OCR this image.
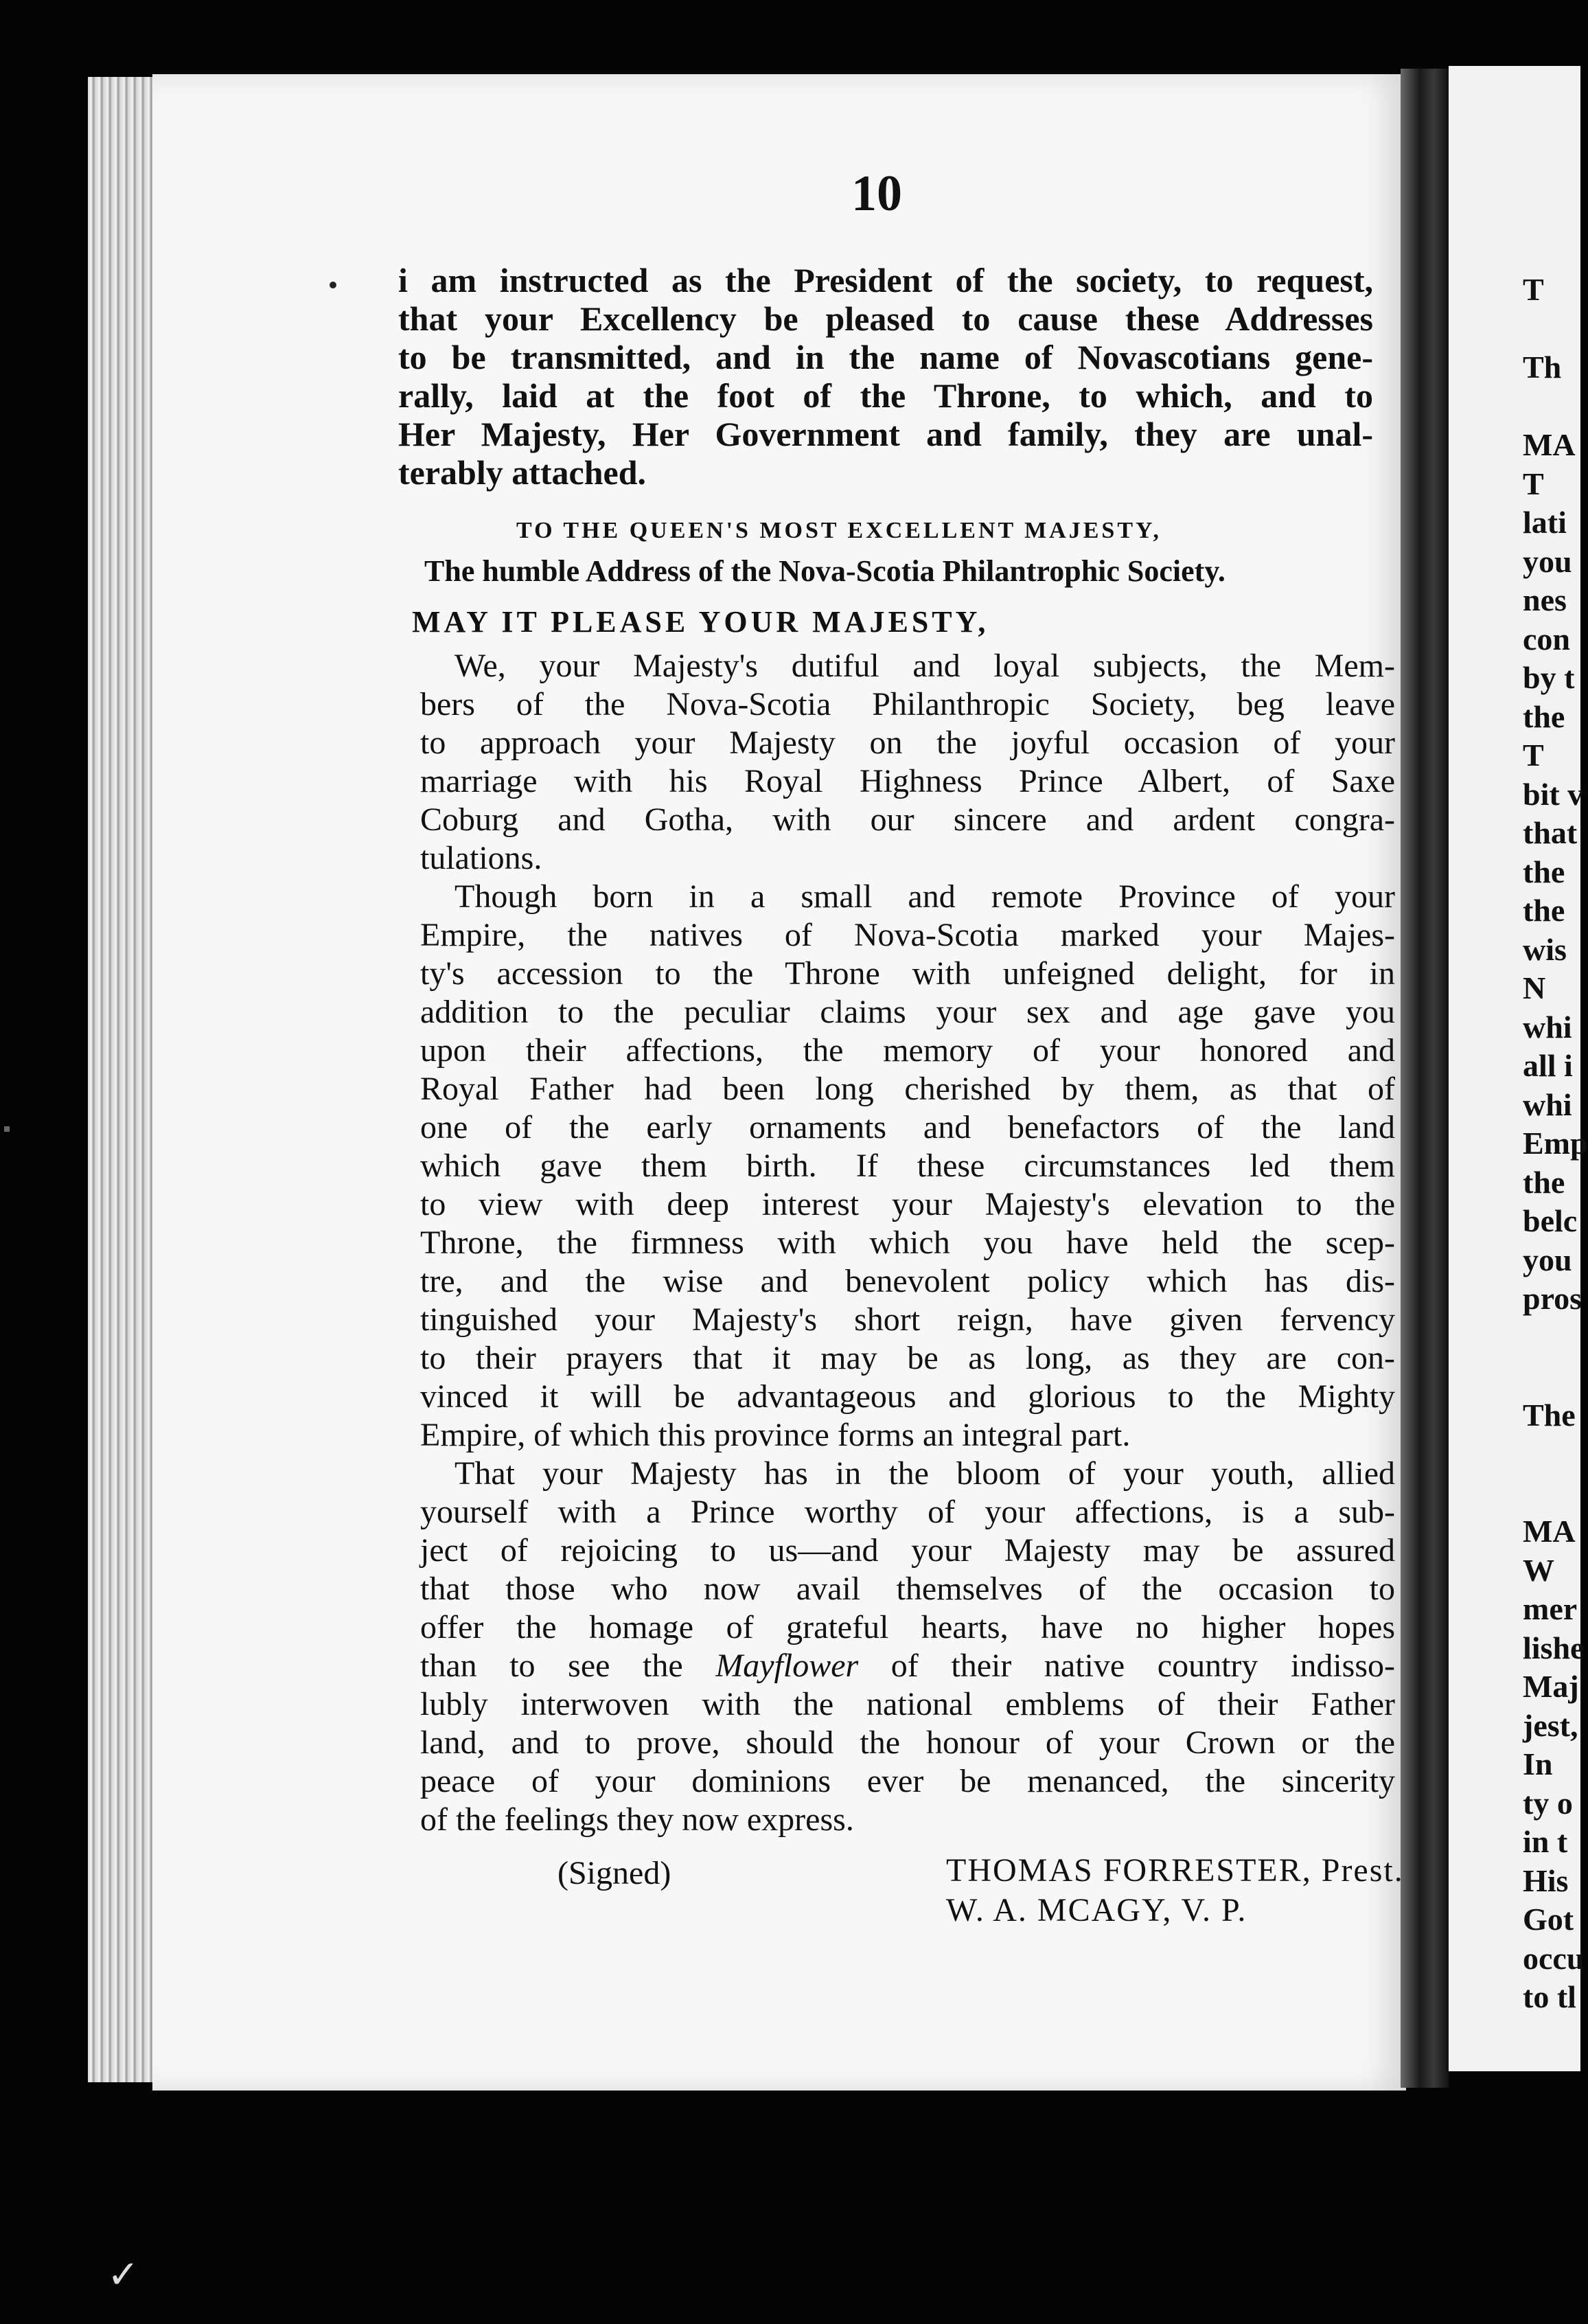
T

Th

MA
T
lati
you
nes
con
by t
the
T
bit v
that
the
the
wis
N
whi
all i
whi
Emp
the
belc
you
pros

The

MA
W
mer
lishe
Maj
jest,
In
ty o
in t
His
Got
occu
to tl
10
i am instructed as the President of the society, to request,
that your Excellency be pleased to cause these Addresses
to be transmitted, and in the name of Novascotians gene-
rally, laid at the foot of the Throne, to which, and to
Her Majesty, Her Government and family, they are unal-
terably attached.
TO THE QUEEN'S MOST EXCELLENT MAJESTY,
The humble Address of the Nova-Scotia Philantrophic Society.
MAY IT PLEASE YOUR MAJESTY,
We, your Majesty's dutiful and loyal subjects, the Mem-
bers of the Nova-Scotia Philanthropic Society, beg leave
to approach your Majesty on the joyful occasion of your
marriage with his Royal Highness Prince Albert, of Saxe
Coburg and Gotha, with our sincere and ardent congra-
tulations.
Though born in a small and remote Province of your
Empire, the natives of Nova-Scotia marked your Majes-
ty's accession to the Throne with unfeigned delight, for in
addition to the peculiar claims your sex and age gave you
upon their affections, the memory of your honored and
Royal Father had been long cherished by them, as that of
one of the early ornaments and benefactors of the land
which gave them birth. If these circumstances led them
to view with deep interest your Majesty's elevation to the
Throne, the firmness with which you have held the scep-
tre, and the wise and benevolent policy which has dis-
tinguished your Majesty's short reign, have given fervency
to their prayers that it may be as long, as they are con-
vinced it will be advantageous and glorious to the Mighty
Empire, of which this province forms an integral part.
That your Majesty has in the bloom of your youth, allied
yourself with a Prince worthy of your affections, is a sub-
ject of rejoicing to us—and your Majesty may be assured
that those who now avail themselves of the occasion to
offer the homage of grateful hearts, have no higher hopes
than to see the Mayflower of their native country indisso-
lubly interwoven with the national emblems of their Father
land, and to prove, should the honour of your Crown or the
peace of your dominions ever be menanced, the sincerity
of the feelings they now express.
(Signed)	THOMAS FORRESTER, Prest.
W. A. MCAGY, V. P.
✓
